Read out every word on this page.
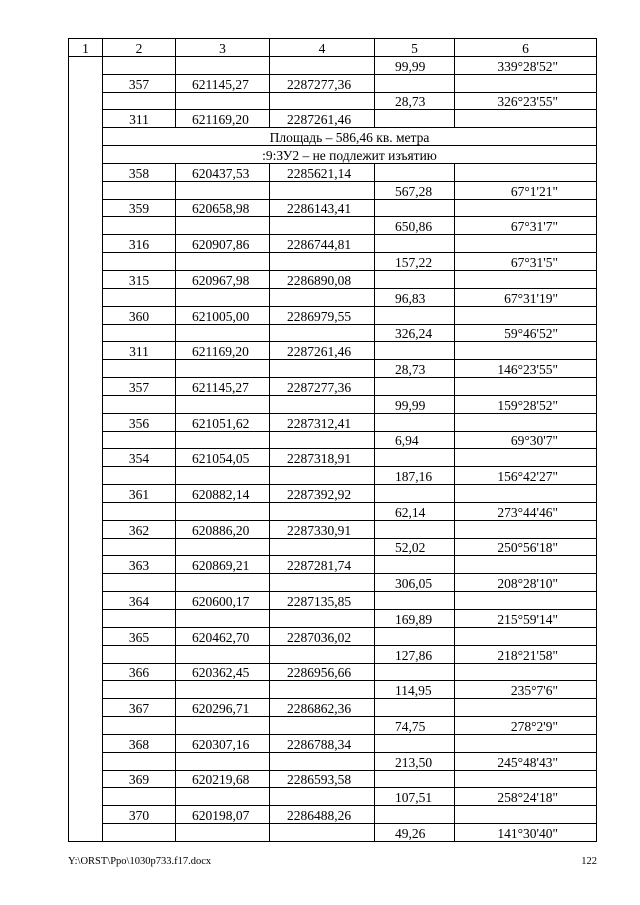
1	2	3	4	5	6
				99,99	339°28'52"
	357	621145,27	2287277,36		
				28,73	326°23'55"
	311	621169,20	2287261,46		
	Площадь – 586,46 кв. метра				
	:9:ЗУ2 – не подлежит изъятию				
	358	620437,53	2285621,14		
				567,28	67°1'21"
	359	620658,98	2286143,41		
				650,86	67°31'7"
	316	620907,86	2286744,81		
				157,22	67°31'5"
	315	620967,98	2286890,08		
				96,83	67°31'19"
	360	621005,00	2286979,55		
				326,24	59°46'52"
	311	621169,20	2287261,46		
				28,73	146°23'55"
	357	621145,27	2287277,36		
				99,99	159°28'52"
	356	621051,62	2287312,41		
				6,94	69°30'7"
	354	621054,05	2287318,91		
				187,16	156°42'27"
	361	620882,14	2287392,92		
				62,14	273°44'46"
	362	620886,20	2287330,91		
				52,02	250°56'18"
	363	620869,21	2287281,74		
				306,05	208°28'10"
	364	620600,17	2287135,85		
				169,89	215°59'14"
	365	620462,70	2287036,02		
				127,86	218°21'58"
	366	620362,45	2286956,66		
				114,95	235°7'6"
	367	620296,71	2286862,36		
				74,75	278°2'9"
	368	620307,16	2286788,34		
				213,50	245°48'43"
	369	620219,68	2286593,58		
				107,51	258°24'18"
	370	620198,07	2286488,26		
				49,26	141°30'40"
Y:\ORST\Ppo\1030p733.f17.docx	122
